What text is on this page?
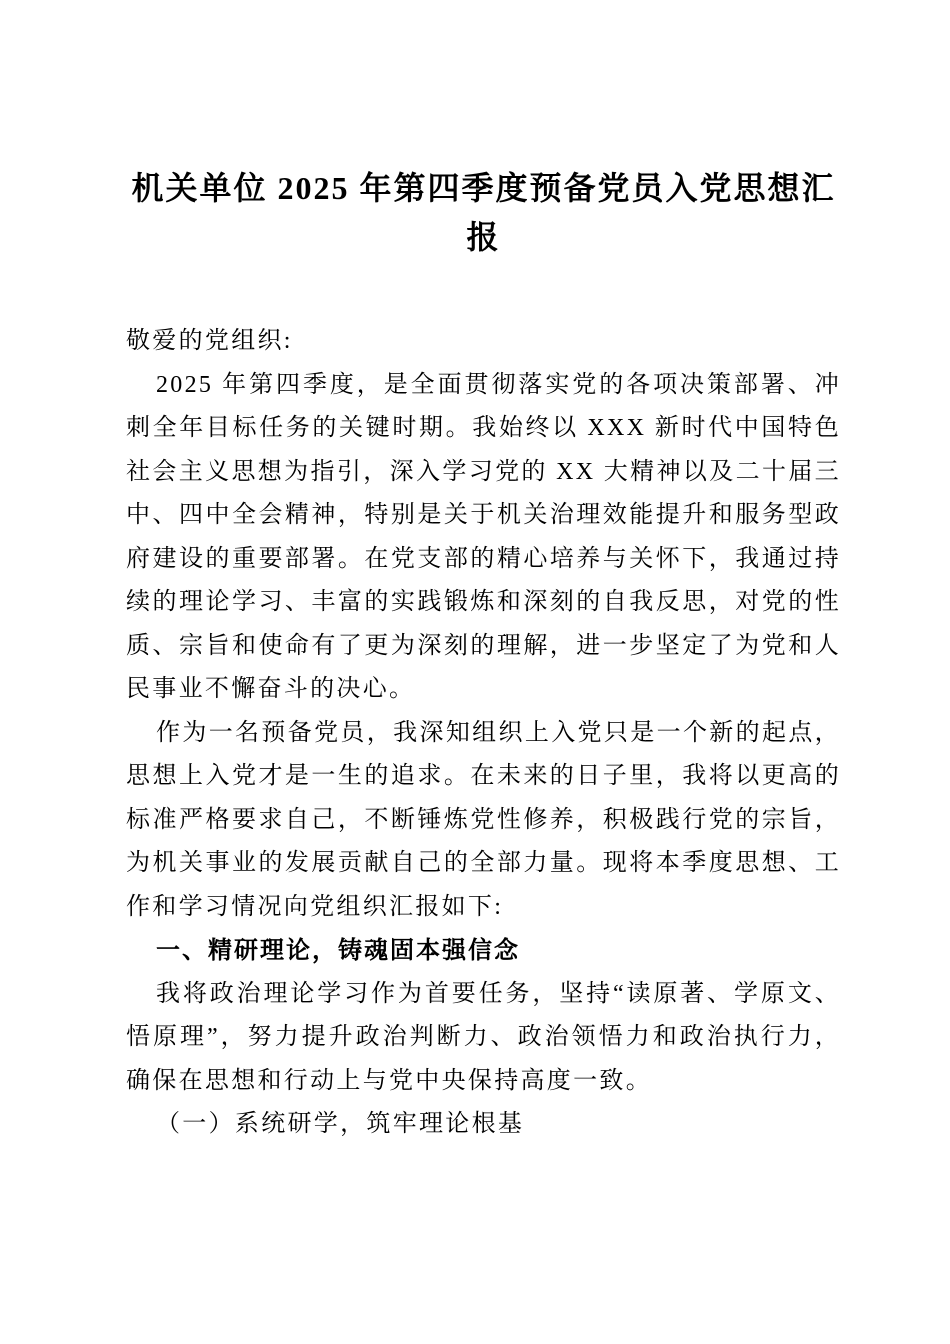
机关单位 2025 年第四季度预备党员入党思想汇报
敬爱的党组织:
2025 年第四季度，是全面贯彻落实党的各项决策部署、冲刺全年目标任务的关键时期。我始终以 XXX 新时代中国特色社会主义思想为指引，深入学习党的 XX 大精神以及二十届三中、四中全会精神，特别是关于机关治理效能提升和服务型政府建设的重要部署。在党支部的精心培养与关怀下，我通过持续的理论学习、丰富的实践锻炼和深刻的自我反思，对党的性质、宗旨和使命有了更为深刻的理解，进一步坚定了为党和人民事业不懈奋斗的决心。
作为一名预备党员，我深知组织上入党只是一个新的起点，思想上入党才是一生的追求。在未来的日子里，我将以更高的标准严格要求自己，不断锤炼党性修养，积极践行党的宗旨，为机关事业的发展贡献自己的全部力量。现将本季度思想、工作和学习情况向党组织汇报如下:
一、精研理论，铸魂固本强信念
我将政治理论学习作为首要任务，坚持“读原著、学原文、悟原理”，努力提升政治判断力、政治领悟力和政治执行力，确保在思想和行动上与党中央保持高度一致。
（一）系统研学，筑牢理论根基
